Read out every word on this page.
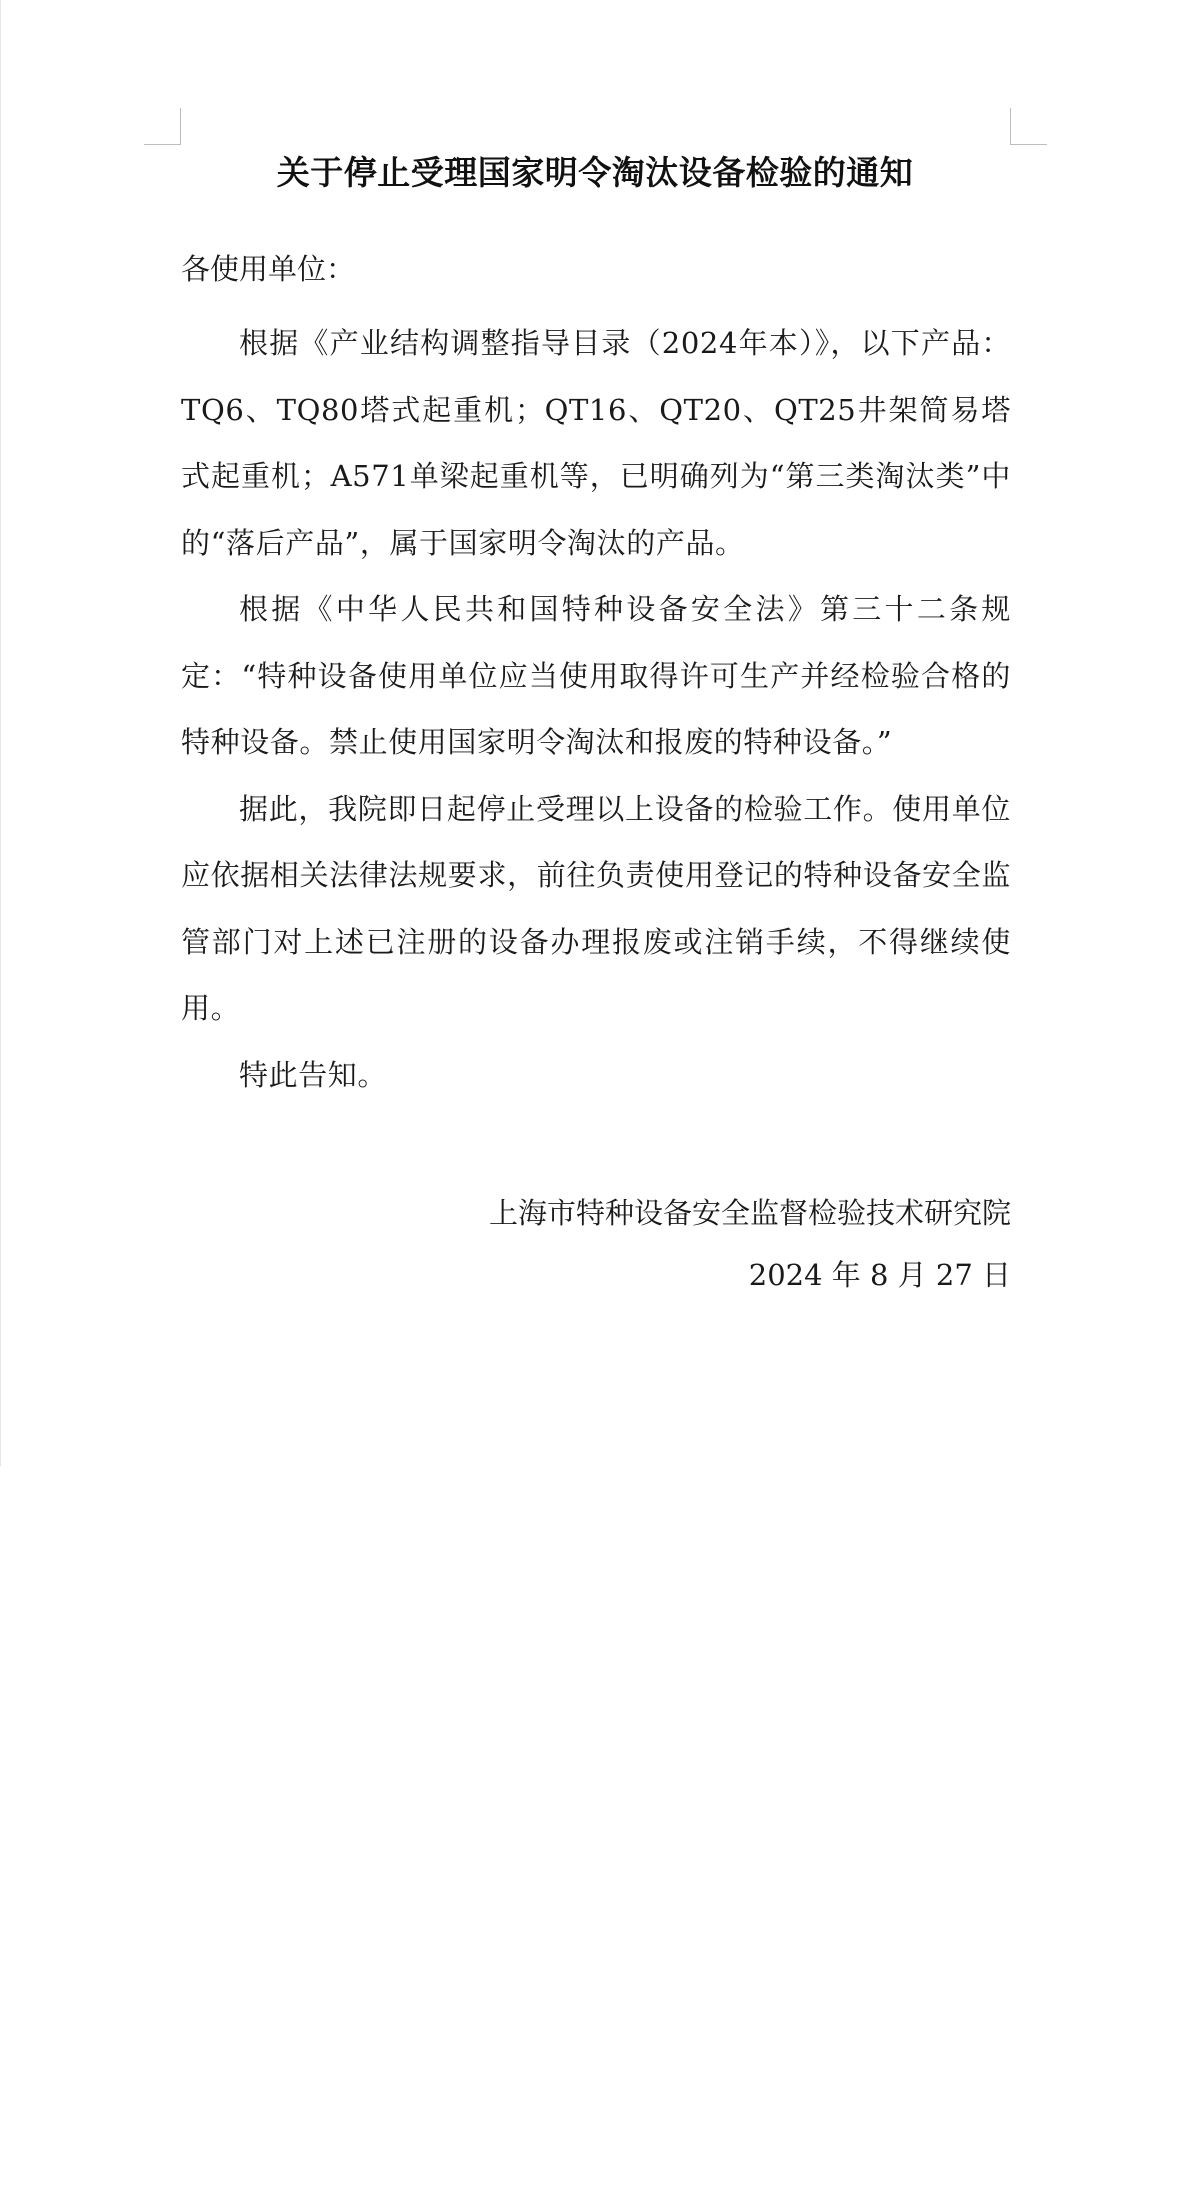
关于停止受理国家明令淘汰设备检验的通知
各使用单位：

根据《产业结构调整指导目录（2024年本）》，以下产品：TQ6、TQ80塔式起重机；QT16、QT20、QT25井架简易塔式起重机；A571单梁起重机等，已明确列为“第三类淘汰类”中的“落后产品”，属于国家明令淘汰的产品。

根据《中华人民共和国特种设备安全法》第三十二条规定：“特种设备使用单位应当使用取得许可生产并经检验合格的特种设备。禁止使用国家明令淘汰和报废的特种设备。”

据此，我院即日起停止受理以上设备的检验工作。使用单位应依据相关法律法规要求，前往负责使用登记的特种设备安全监管部门对上述已注册的设备办理报废或注销手续，不得继续使用。

特此告知。

上海市特种设备安全监督检验技术研究院
2024 年 8 月 27 日
